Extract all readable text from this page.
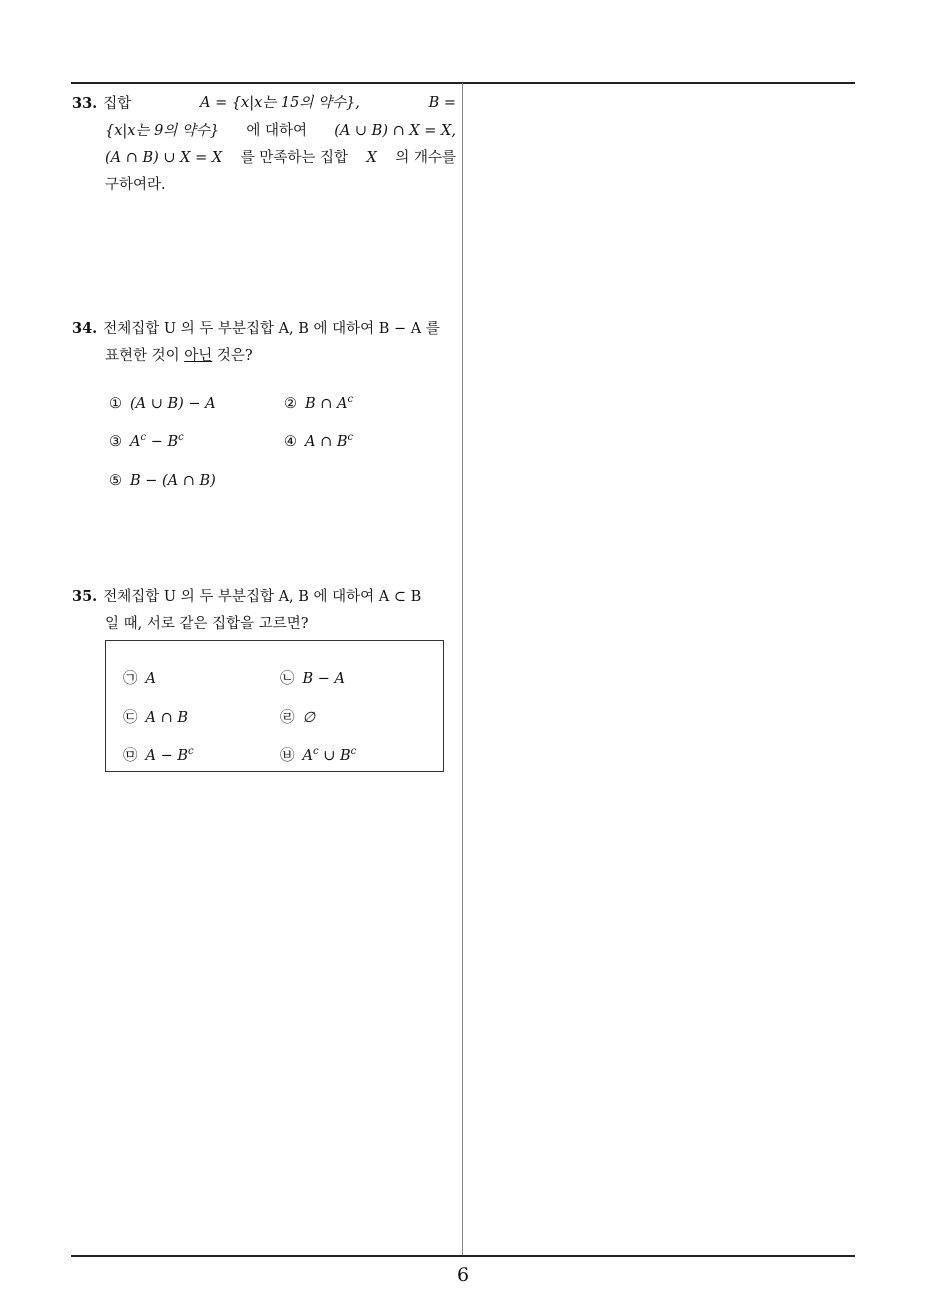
33. 집합	A = {x|x는 15의 약수},	B =
{x|x는 9의 약수} 에 대하여 (A ∪ B) ∩ X = X,
(A ∩ B) ∪ X = X 를 만족하는 집합 X 의 개수를
구하여라.
34. 전체집합 U 의 두 부분집합 A, B 에 대하여 B − A 를
표현한 것이 아닌 것은?
① (A ∪ B) − A	② B ∩ $A^c$
③ $A^c - B^c$	④ A ∩ $B^c$
⑤ B − (A ∩ B)
35. 전체집합 U 의 두 부분집합 A, B 에 대하여 A ⊂ B
일 때, 서로 같은 집합을 고르면?
㉠ A	㉡ B − A
㉢ A ∩ B	㉣ ∅
㉤ $A - B^c$	㉥ $A^c$ ∪ $B^c$
6
